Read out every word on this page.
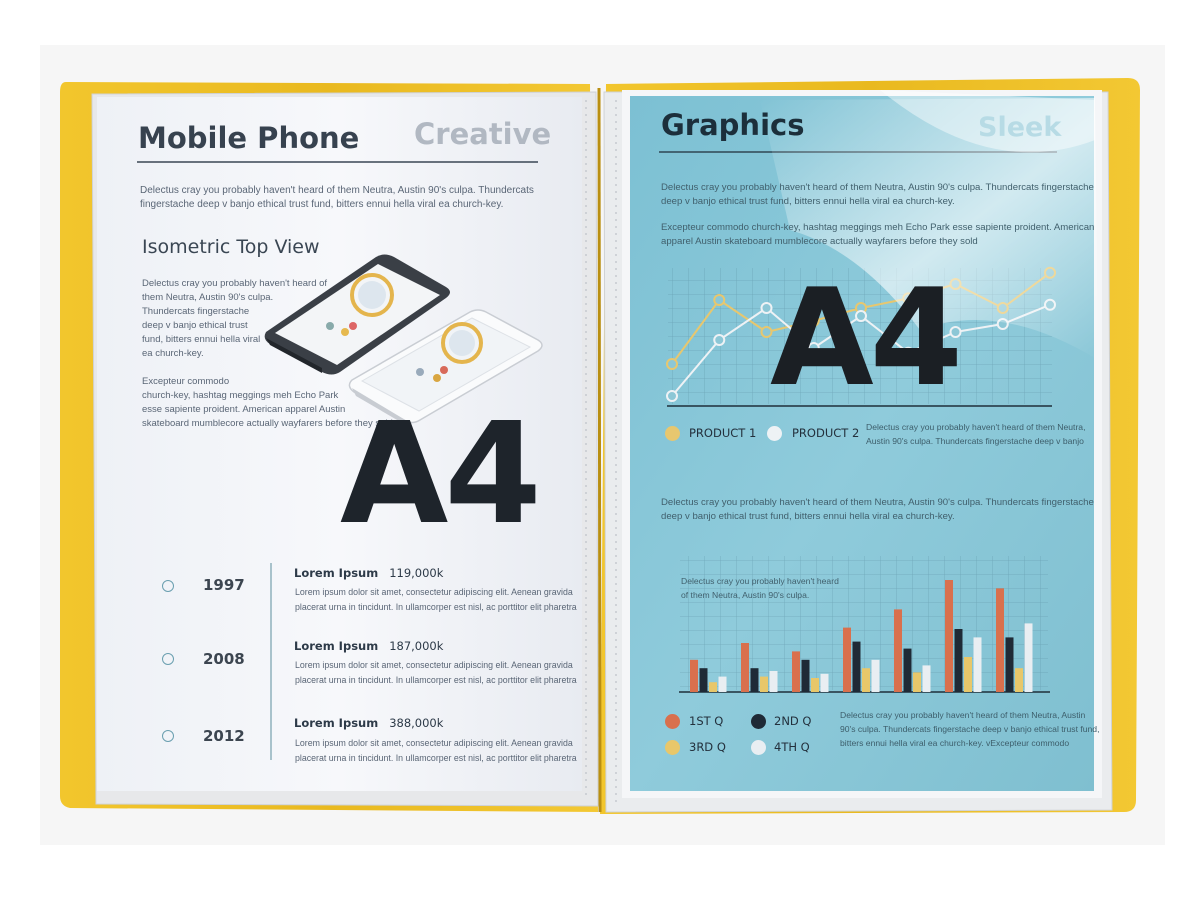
Mobile Phone Creative
Delectus cray you probably haven't heard of them Neutra, Austin 90's culpa. Thundercats fingerstache deep v banjo ethical trust fund, bitters ennui hella viral ea church-key.
Isometric Top View
Delectus cray you probably haven't heard of
them Neutra, Austin 90's culpa.
Thundercats fingerstache
deep v banjo ethical trust
fund, bitters ennui hella viral
ea church-key.
Excepteur commodo
church-key, hashtag meggings meh Echo Park
esse sapiente proident. American apparel Austin
skateboard mumblecore actually wayfarers before they sold
A4
1997
Lorem Ipsum 119,000k
Lorem ipsum dolor sit amet, consectetur adipiscing elit. Aenean gravida
placerat urna in tincidunt. In ullamcorper est nisl, ac porttitor elit pharetra
2008
Lorem Ipsum 187,000k
Lorem ipsum dolor sit amet, consectetur adipiscing elit. Aenean gravida
placerat urna in tincidunt. In ullamcorper est nisl, ac porttitor elit pharetra
2012
Lorem Ipsum 388,000k
Lorem ipsum dolor sit amet, consectetur adipiscing elit. Aenean gravida
placerat urna in tincidunt. In ullamcorper est nisl, ac porttitor elit pharetra
Graphics	Sleek
Delectus cray you probably haven't heard of them Neutra, Austin 90's culpa. Thundercats fingerstache
deep v banjo ethical trust fund, bitters ennui hella viral ea church-key.
Excepteur commodo church-key, hashtag meggings meh Echo Park esse sapiente proident. American
apparel Austin skateboard mumblecore actually wayfarers before they sold
A4
PRODUCT 1	PRODUCT 2 Delectus cray you probably haven't heard of them Neutra,
Austin 90's culpa. Thundercats fingerstache deep v banjo
Delectus cray you probably haven't heard of them Neutra, Austin 90's culpa. Thundercats fingerstache
deep v banjo ethical trust fund, bitters ennui hella viral ea church-key.
Delectus cray you probably haven't heard
of them Neutra, Austin 90's culpa.
1ST Q	2ND Q
3RD Q	4TH Q
Delectus cray you probably haven't heard of them Neutra, Austin
90's culpa. Thundercats fingerstache deep v banjo ethical trust fund,
bitters ennui hella viral ea church-key. vExcepteur commodo
